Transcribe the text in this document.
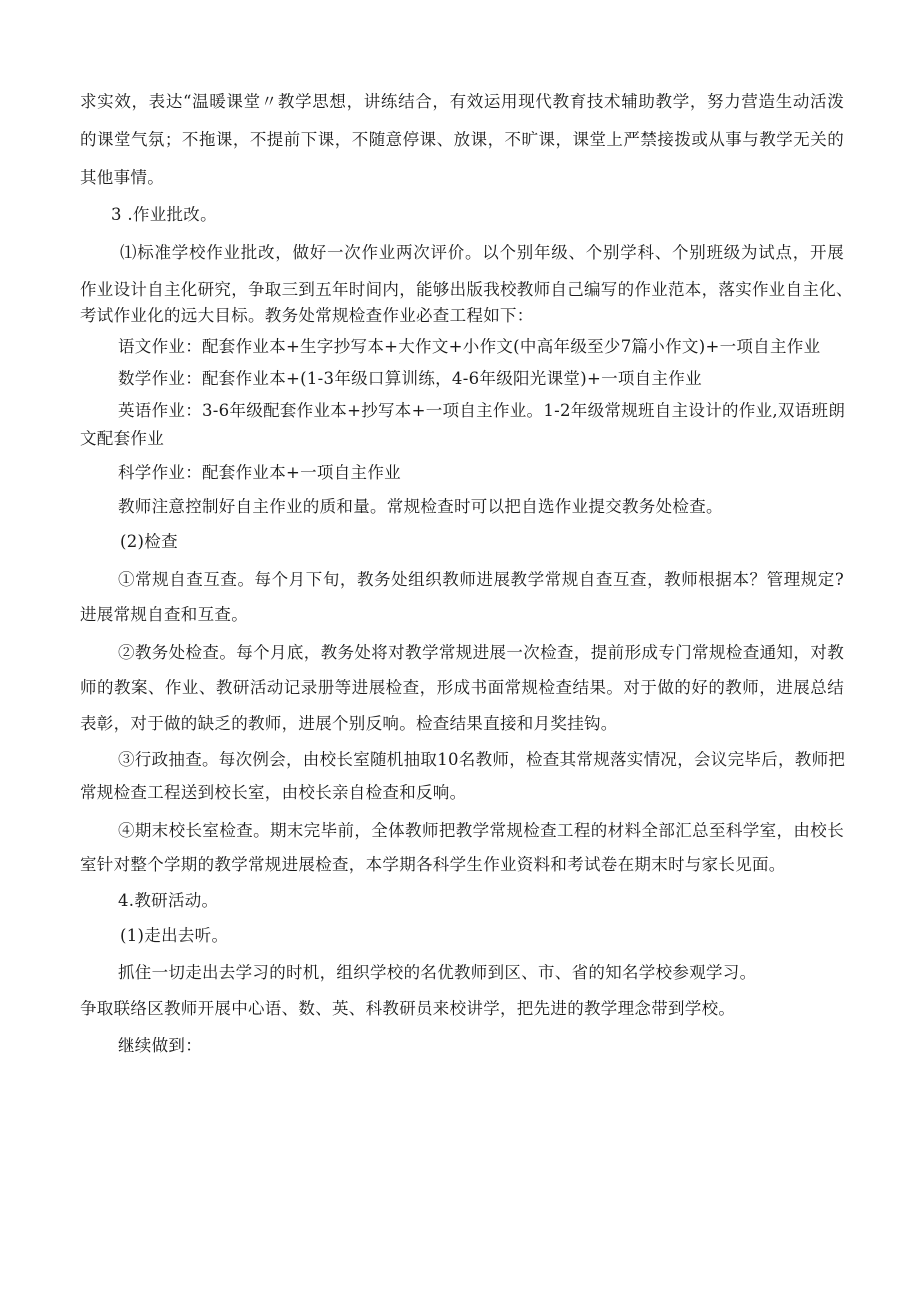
求实效，表达“温暖课堂〃教学思想，讲练结合，有效运用现代教育技术辅助教学，努力营造生动活泼
的课堂气氛；不拖课，不提前下课，不随意停课、放课，不旷课，课堂上严禁接拨或从事与教学无关的
其他事情。
3 .作业批改。
⑴标准学校作业批改，做好一次作业两次评价。以个别年级、个别学科、个别班级为试点，开展
作业设计自主化研究，争取三到五年时间内，能够出版我校教师自己编写的作业范本，落实作业自主化、
考试作业化的远大目标。教务处常规检查作业必查工程如下：
语文作业：配套作业本+生字抄写本+大作文+小作文(中高年级至少7篇小作文)+一项自主作业
数学作业：配套作业本+(1-3年级口算训练，4-6年级阳光课堂)+一项自主作业
英语作业：3-6年级配套作业本+抄写本+一项自主作业。1-2年级常规班自主设计的作业,双语班朗
文配套作业
科学作业：配套作业本+一项自主作业
教师注意控制好自主作业的质和量。常规检查时可以把自选作业提交教务处检查。
(2)检查
①常规自查互查。每个月下旬，教务处组织教师进展教学常规自查互查，教师根据本？管理规定?
进展常规自查和互查。
②教务处检查。每个月底，教务处将对教学常规进展一次检查，提前形成专门常规检查通知，对教
师的教案、作业、教研活动记录册等进展检查，形成书面常规检查结果。对于做的好的教师，进展总结
表彰，对于做的缺乏的教师，进展个别反响。检查结果直接和月奖挂钩。
③行政抽查。每次例会，由校长室随机抽取10名教师，检查其常规落实情况，会议完毕后，教师把
常规检查工程送到校长室，由校长亲自检查和反响。
④期末校长室检查。期末完毕前，全体教师把教学常规检查工程的材料全部汇总至科学室，由校长
室针对整个学期的教学常规进展检查，本学期各科学生作业资料和考试卷在期末时与家长见面。
4.教研活动。
(1)走出去听。
抓住一切走出去学习的时机，组织学校的名优教师到区、市、省的知名学校参观学习。
争取联络区教师开展中心语、数、英、科教研员来校讲学，把先进的教学理念带到学校。
继续做到：
